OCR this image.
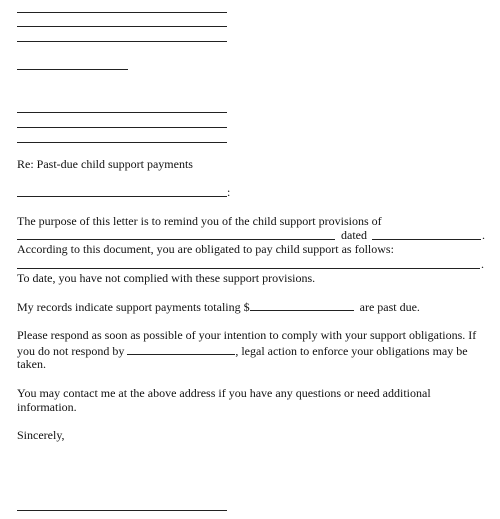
Re: Past-due child support payments
:
The purpose of this letter is to remind you of the child support provisions of
dated	.
According to this document, you are obligated to pay child support as follows:
.
To date, you have not complied with these support provisions.
My records indicate support payments totaling $	are past due.
Please respond as soon as possible of your intention to comply with your support obligations. If
you do not respond by	, legal action to enforce your obligations may be
taken.
You may contact me at the above address if you have any questions or need additional
information.
Sincerely,
